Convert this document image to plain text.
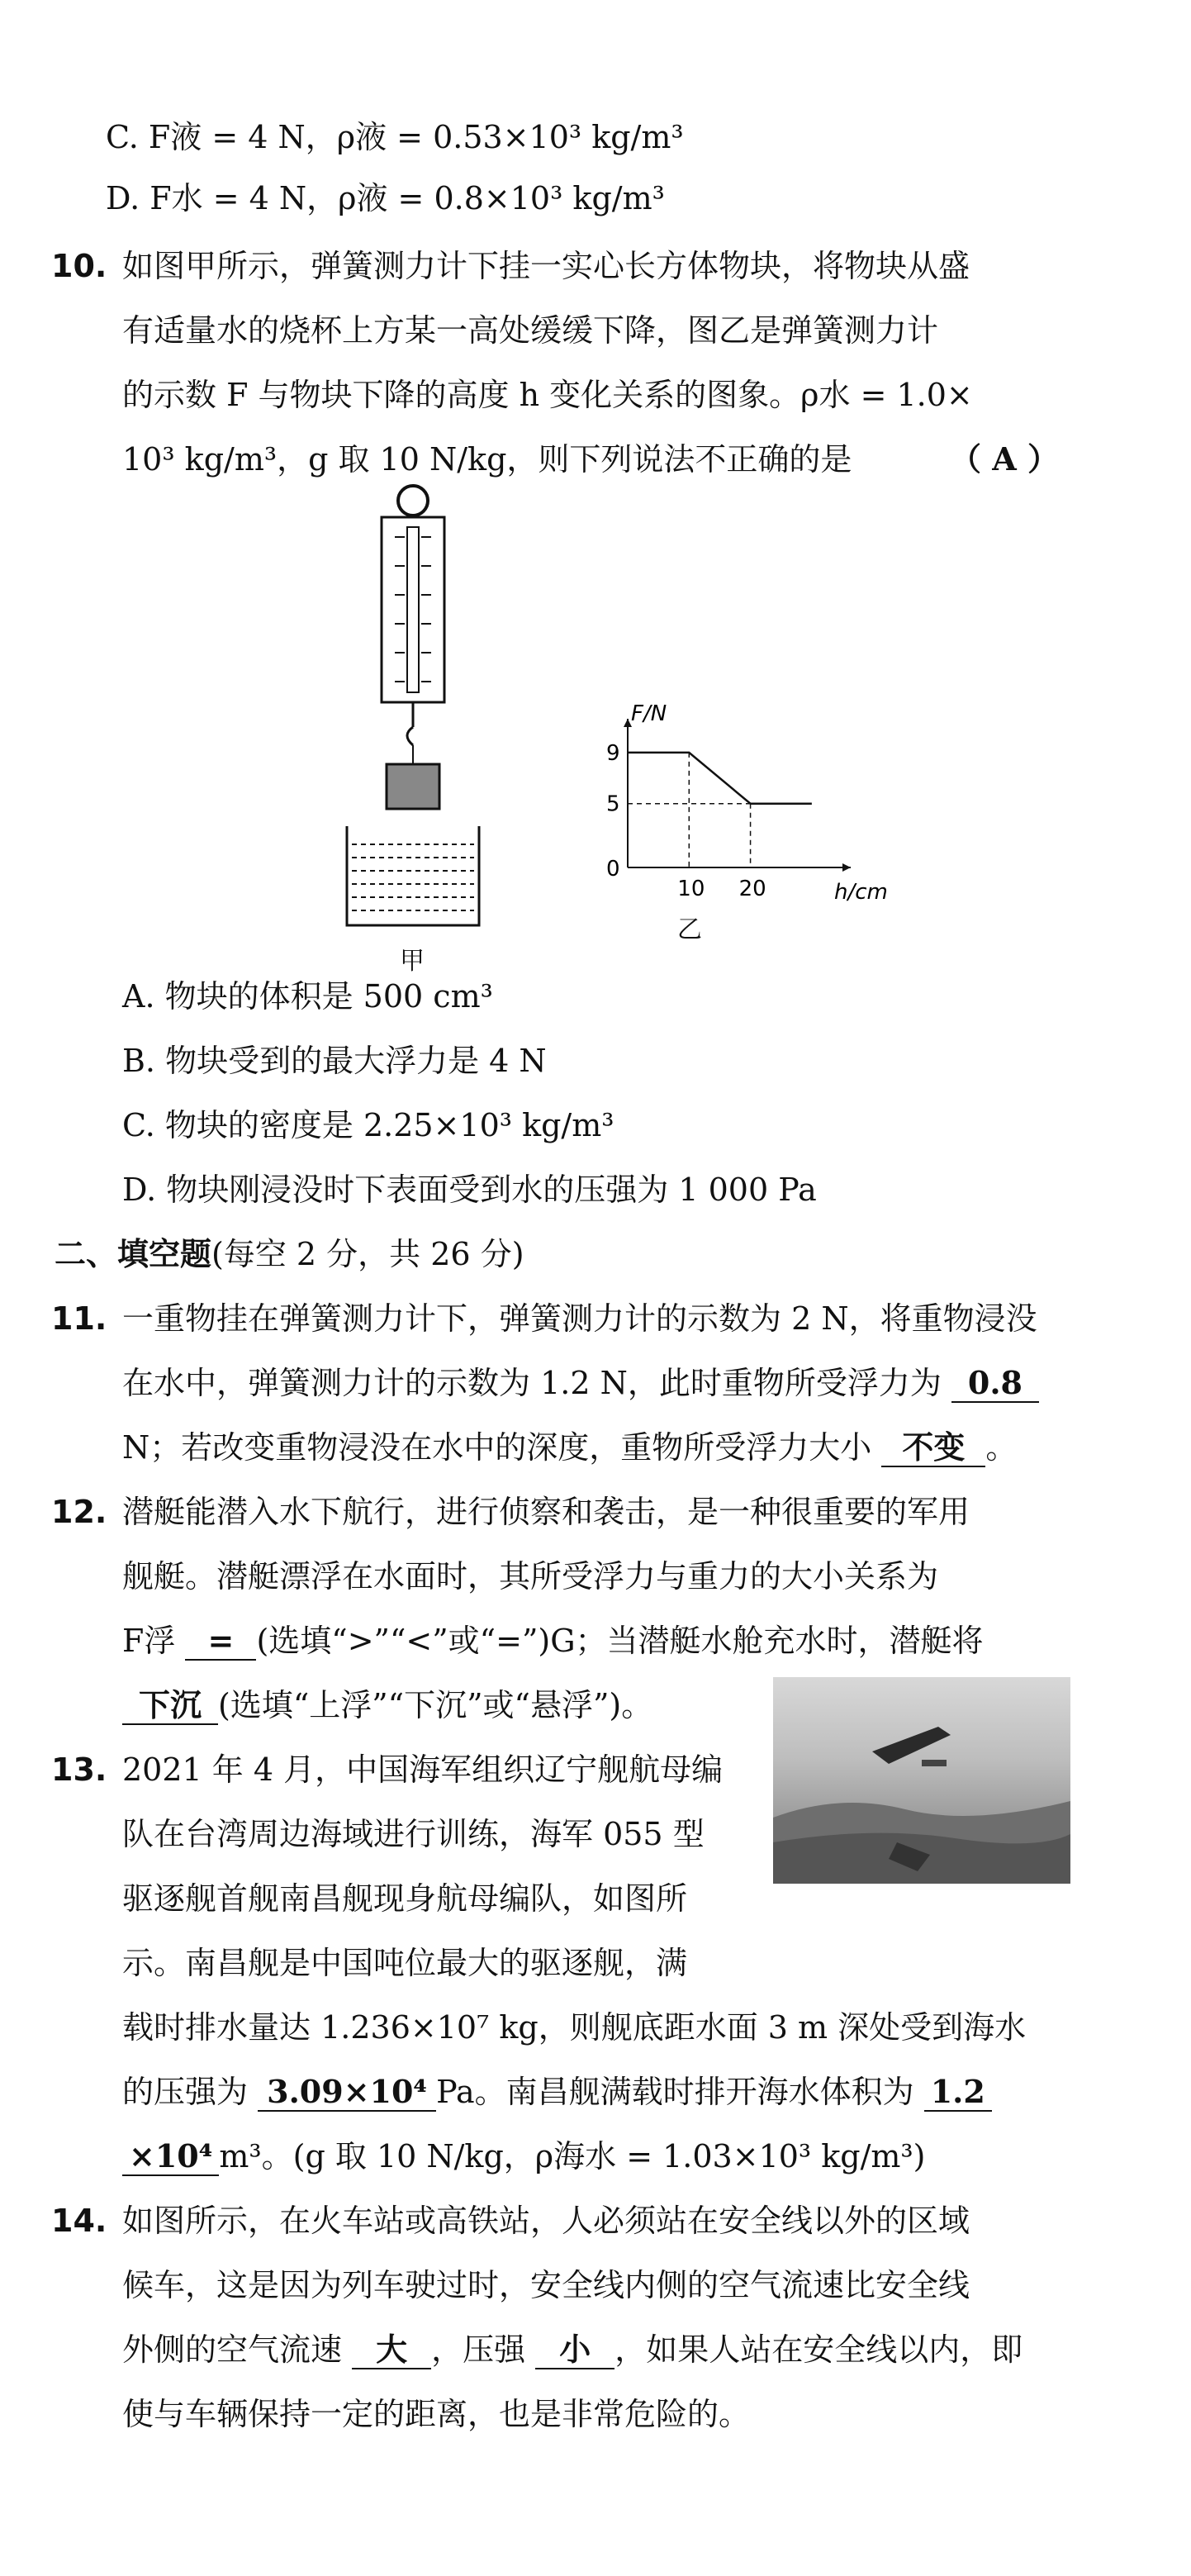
C. F液 = 4 N，ρ液 = 0.53×10³ kg/m³
D. F水 = 4 N，ρ液 = 0.8×10³ kg/m³
10. 如图甲所示，弹簧测力计下挂一实心长方体物块，将物块从盛
有适量水的烧杯上方某一高处缓缓下降，图乙是弹簧测力计
的示数 F 与物块下降的高度 h 变化关系的图象。ρ水 = 1.0×
10³ kg/m³，g 取 10 N/kg，则下列说法不正确的是	（ A ）
甲
0
10 20
5
9
h/cm
F/N
乙
A. 物块的体积是 500 cm³
B. 物块受到的最大浮力是 4 N
C. 物块的密度是 2.25×10³ kg/m³
D. 物块刚浸没时下表面受到水的压强为 1 000 Pa
二、填空题(每空 2 分，共 26 分)
11. 一重物挂在弹簧测力计下，弹簧测力计的示数为 2 N，将重物浸没
在水中，弹簧测力计的示数为 1.2 N，此时重物所受浮力为 0.8
N；若改变重物浸没在水中的深度，重物所受浮力大小 不变 。
12. 潜艇能潜入水下航行，进行侦察和袭击，是一种很重要的军用
舰艇。潜艇漂浮在水面时，其所受浮力与重力的大小关系为
F浮 = (选填“>”“<”或“=”)G；当潜艇水舱充水时，潜艇将
下沉 (选填“上浮”“下沉”或“悬浮”)。
13. 2021 年 4 月，中国海军组织辽宁舰航母编
队在台湾周边海域进行训练，海军 055 型
驱逐舰首舰南昌舰现身航母编队，如图所
示。南昌舰是中国吨位最大的驱逐舰，满
载时排水量达 1.236×10⁷ kg，则舰底距水面 3 m 深处受到海水
的压强为 3.09×10⁴ Pa。南昌舰满载时排开海水体积为 1.2
×10⁴ m³。(g 取 10 N/kg，ρ海水 = 1.03×10³ kg/m³)
14. 如图所示，在火车站或高铁站，人必须站在安全线以外的区域
候车，这是因为列车驶过时，安全线内侧的空气流速比安全线
外侧的空气流速 大 ，压强 小 ，如果人站在安全线以内，即
使与车辆保持一定的距离，也是非常危险的。
